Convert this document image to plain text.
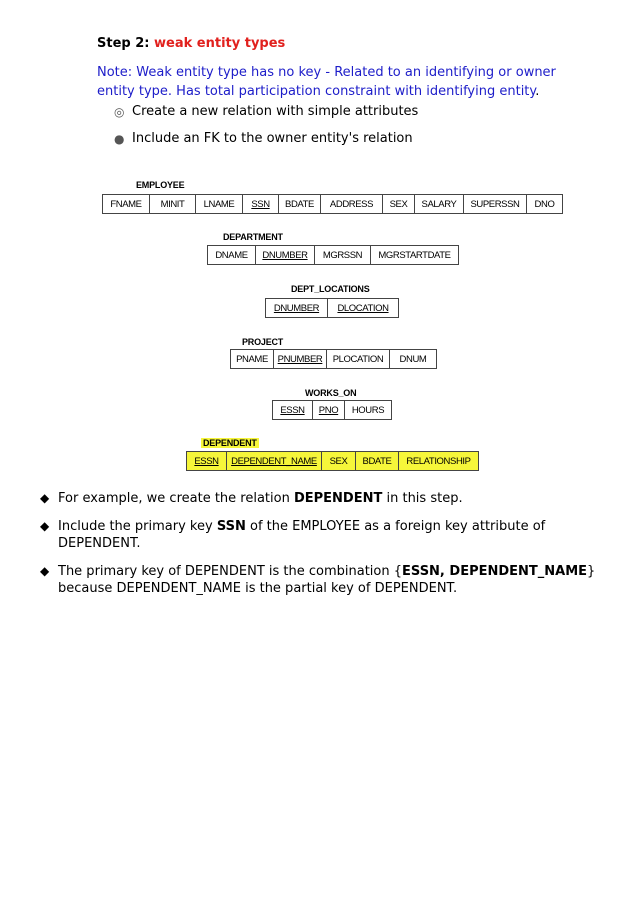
Step 2: weak entity types
Note: Weak entity type has no key - Related to an identifying or owner entity type. Has total participation constraint with identifying entity.
◎ Create a new relation with simple attributes
● Include an FK to the owner entity's relation
EMPLOYEE
FNAME	MINIT	LNAME	SSN	BDATE	ADDRESS	SEX	SALARY	SUPERSSN	DNO
DEPARTMENT
DNAME	DNUMBER	MGRSSN	MGRSTARTDATE
DEPT_LOCATIONS
DNUMBER	DLOCATION
PROJECT
PNAME	PNUMBER	PLOCATION	DNUM
WORKS_ON
ESSN	PNO	HOURS
DEPENDENT
ESSN	DEPENDENT_NAME	SEX	BDATE	RELATIONSHIP
◆ For example, we create the relation DEPENDENT in this step.
◆ Include the primary key SSN of the EMPLOYEE as a foreign key attribute of DEPENDENT.
◆ The primary key of DEPENDENT is the combination {ESSN, DEPENDENT_NAME} because DEPENDENT_NAME is the partial key of DEPENDENT.
